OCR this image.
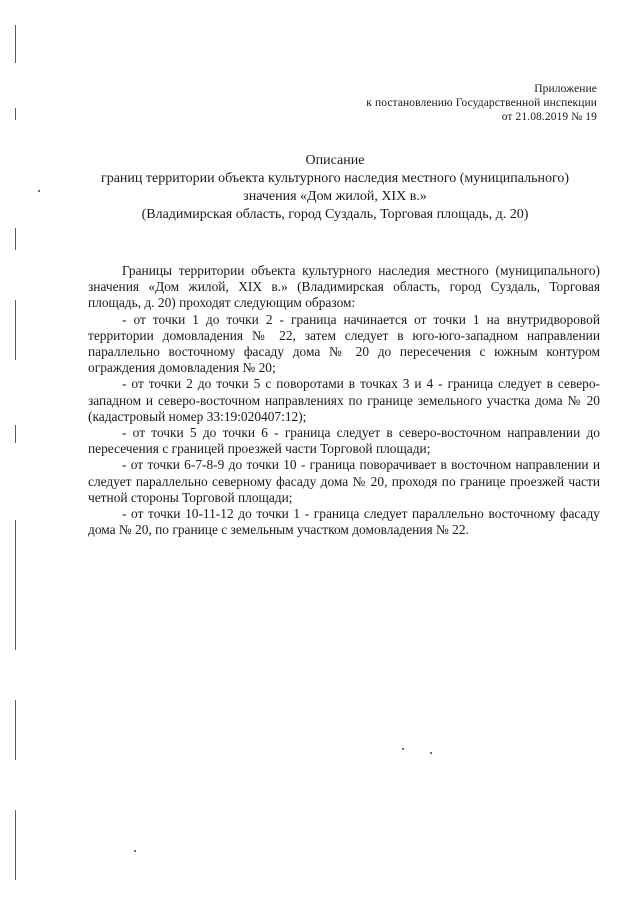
Приложение
к постановлению Государственной инспекции
от 21.08.2019 № 19
Описание
границ территории объекта культурного наследия местного (муниципального)
значения «Дом жилой, XIX в.»
(Владимирская область, город Суздаль, Торговая площадь, д. 20)

Границы территории объекта культурного наследия местного (муниципального) значения «Дом жилой, XIX в.» (Владимирская область, город Суздаль, Торговая площадь, д. 20) проходят следующим образом:

- от точки 1 до точки 2 - граница начинается от точки 1 на внутридворовой территории домовладения № 22, затем следует в юго-юго-западном направлении параллельно восточному фасаду дома № 20 до пересечения с южным контуром ограждения домовладения № 20;

- от точки 2 до точки 5 с поворотами в точках 3 и 4 - граница следует в северо-западном и северо-восточном направлениях по границе земельного участка дома № 20 (кадастровый номер 33:19:020407:12);

- от точки 5 до точки 6 - граница следует в северо-восточном направлении до пересечения с границей проезжей части Торговой площади;

- от точки 6-7-8-9 до точки 10 - граница поворачивает в восточном направлении и следует параллельно северному фасаду дома № 20, проходя по границе проезжей части четной стороны Торговой площади;

- от точки 10-11-12 до точки 1 - граница следует параллельно восточному фасаду дома № 20, по границе с земельным участком домовладения № 22.
